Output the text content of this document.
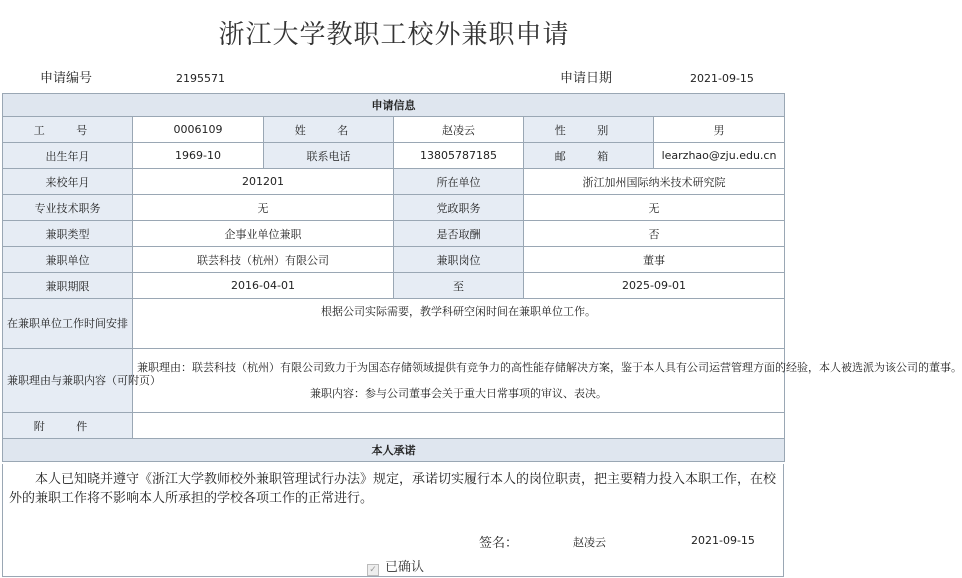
浙江大学教职工校外兼职申请
申请编号	2195571	申请日期	2021-09-15
申请信息					
工 号	0006109	姓 名	赵凌云	性 别	男
出生年月	1969-10	联系电话	13805787185	邮 箱	learzhao@zju.edu.cn
来校年月	201201		所在单位	浙江加州国际纳米技术研究院	
专业技术职务	无		党政职务	无	
兼职类型	企事业单位兼职		是否取酬	否	
兼职单位	联芸科技（杭州）有限公司		兼职岗位	董事	
兼职期限	2016-04-01		至	2025-09-01	
在兼职单位工作时间安排	根据公司实际需要，教学科研空闲时间在兼职单位工作。				
兼职理由与兼职内容（可附页）	兼职理由：联芸科技（杭州）有限公司致力于为国态存储领域提供有竞争力的高性能存储解决方案，鉴于本人具有公司运营管理方面的经验，本人被选派为该公司的董事。
兼职内容：参与公司董事会关于重大日常事项的审议、表决。				

附 件					
本人承诺					
本人已知晓并遵守《浙江大学教师校外兼职管理试行办法》规定，承诺切实履行本人的岗位职责，把主要精力投入本职工作，在校外的兼职工作将不影响本人所承担的学校各项工作的正常进行。
签名：	赵凌云	2021-09-15
✓ 已确认
